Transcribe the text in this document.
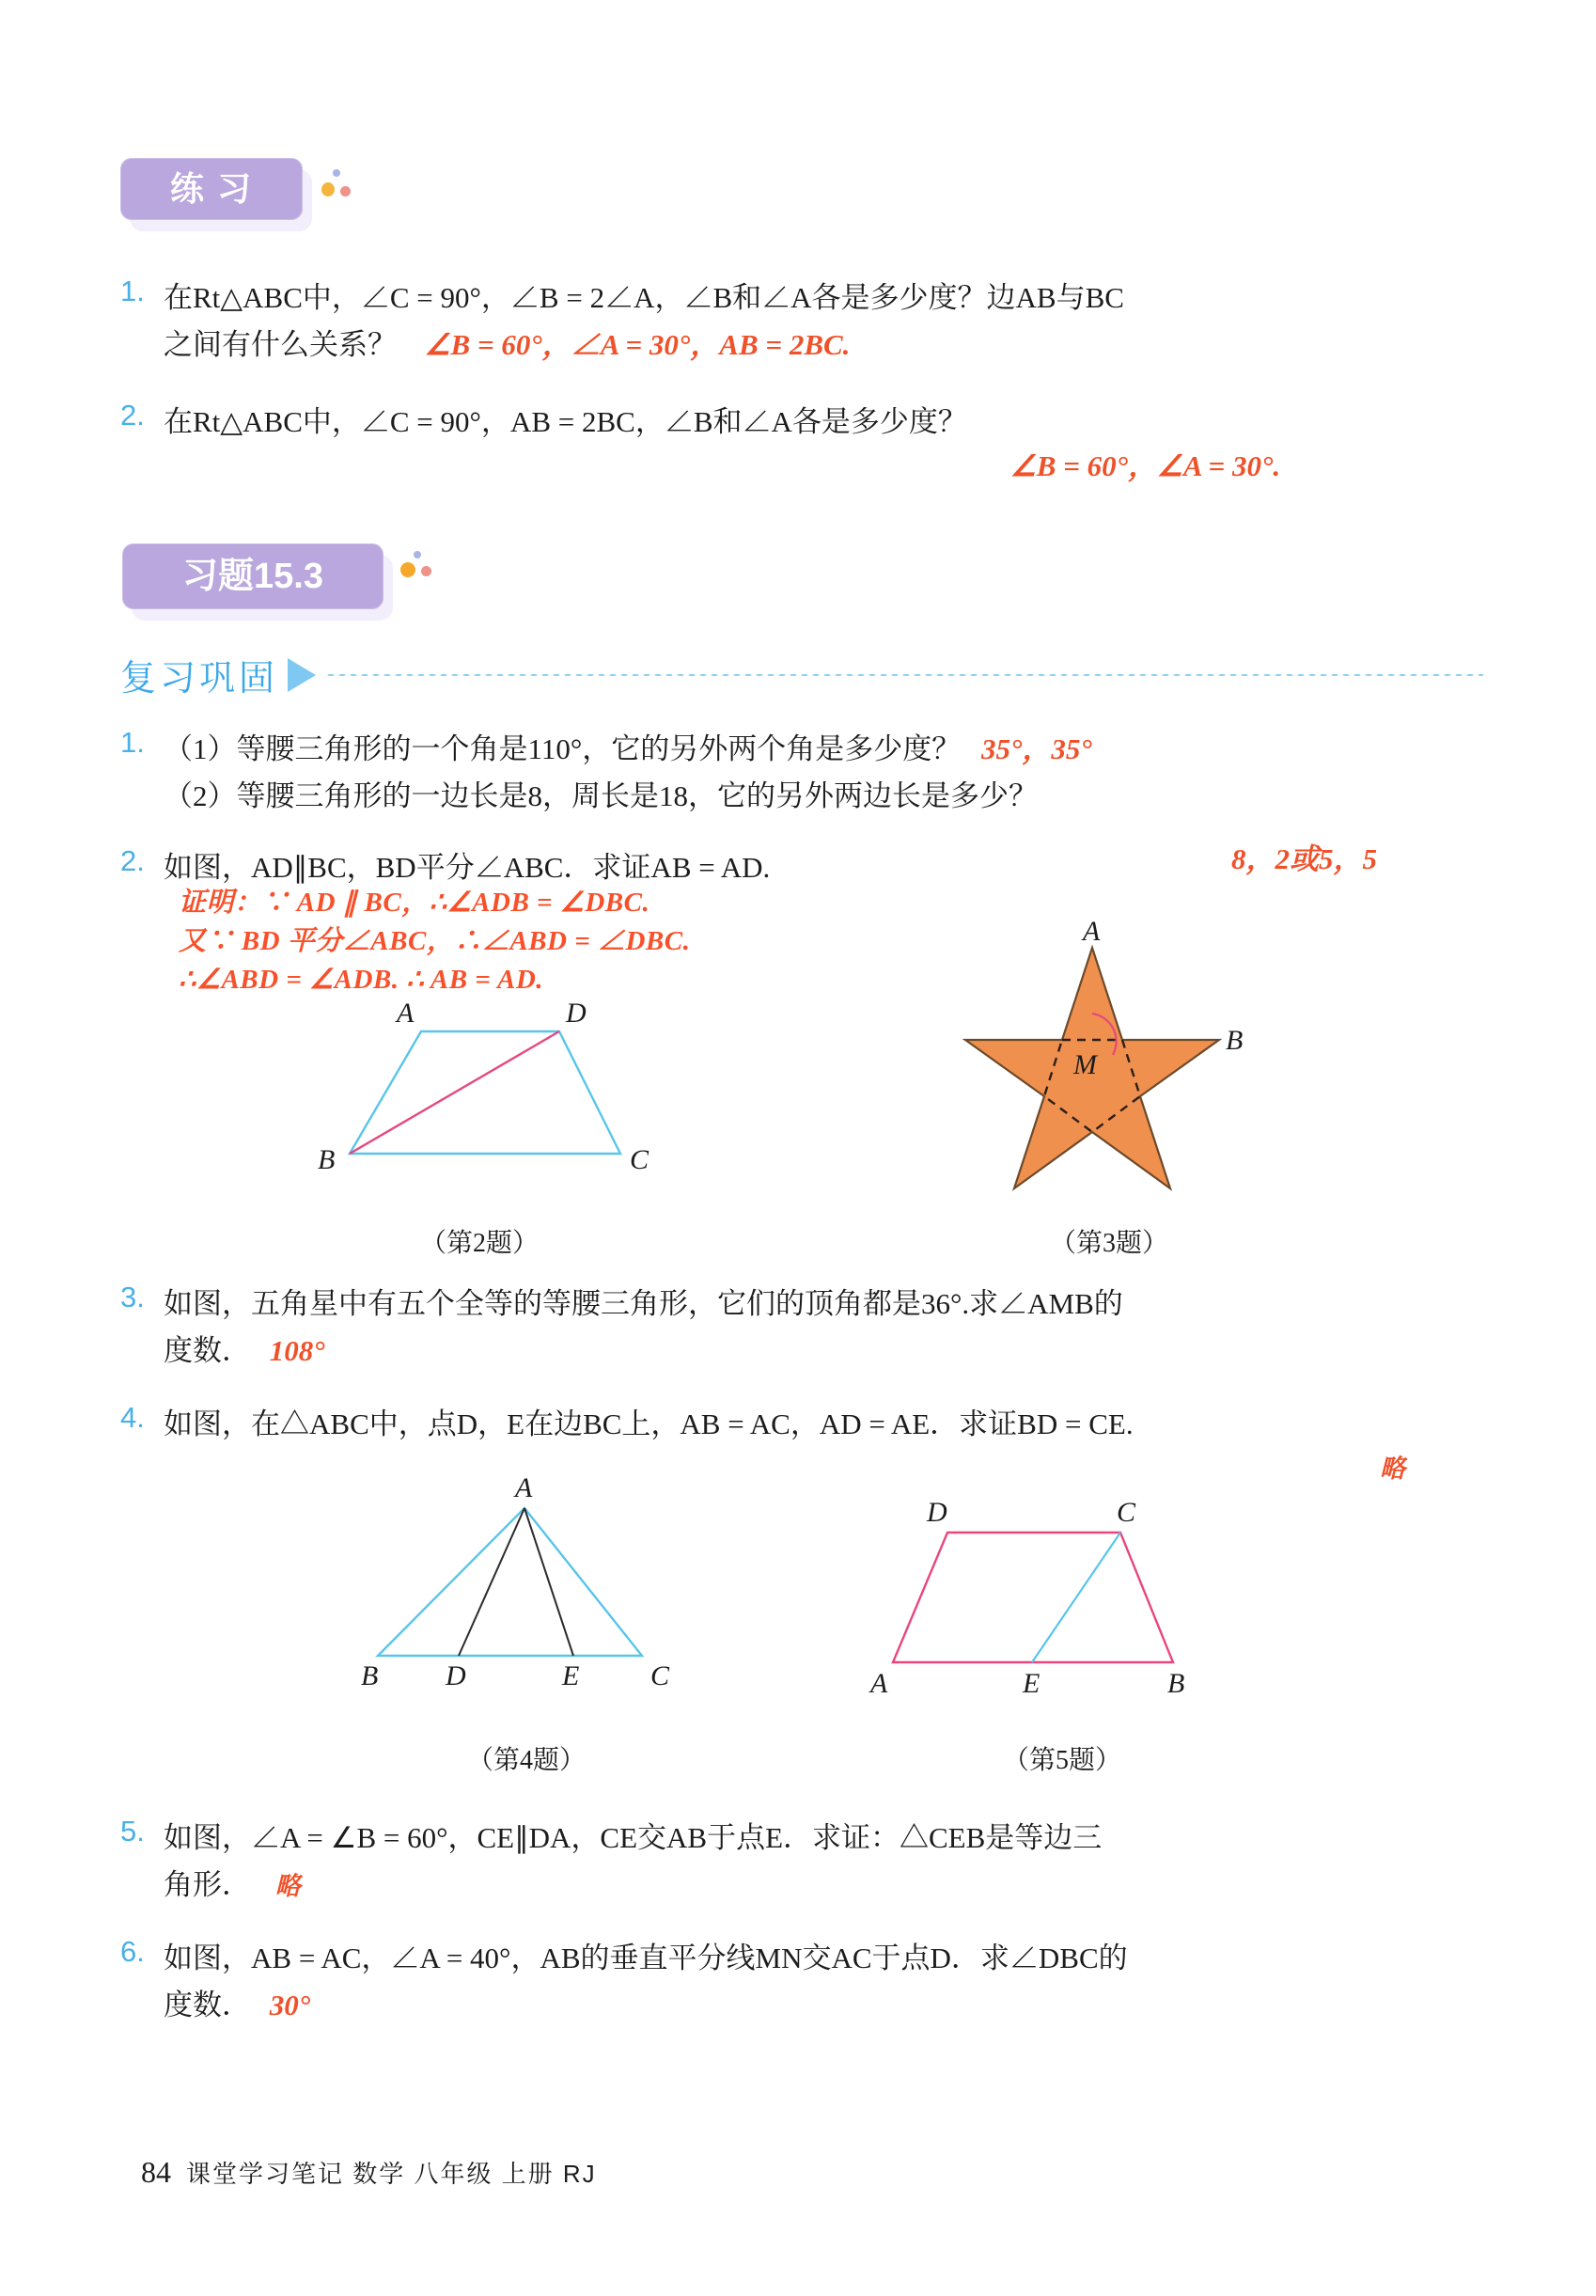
练 习
1. 在Rt△ABC中，∠C = 90°，∠B = 2∠A，∠B和∠A各是多少度？边AB与BC
之间有什么关系？ ∠B = 60°，∠A = 30°，AB = 2BC.
2. 在Rt△ABC中，∠C = 90°，AB = 2BC，∠B和∠A各是多少度？
∠B = 60°，∠A = 30°.
习题15.3
复习巩固
1. （1）等腰三角形的一个角是110°，它的另外两个角是多少度？ 35°，35°
（2）等腰三角形的一边长是8，周长是18，它的另外两边长是多少？
8，2或5，5
2. 如图，AD∥BC，BD平分∠ABC．求证AB = AD.
证明：∵ AD ∥ BC，∴∠ADB = ∠DBC.
又∵ BD 平分∠ABC，∴∠ABD = ∠DBC.
∴∠ABD = ∠ADB. ∴ AB = AD.
A	D
B	C
（第2题）
A
B
M
（第3题）
3. 如图，五角星中有五个全等的等腰三角形，它们的顶角都是36°.求∠AMB的
度数． 108°
4. 如图，在△ABC中，点D，E在边BC上，AB = AC，AD = AE．求证BD = CE.
略
A
B D	E	C
（第4题）
D	C
A	E	B
（第5题）
5. 如图，∠A = ∠B = 60°，CE∥DA，CE交AB于点E．求证：△CEB是等边三
角形． 略
6. 如图，AB = AC，∠A = 40°，AB的垂直平分线MN交AC于点D．求∠DBC的
度数． 30°
84 课堂学习笔记 数学 八年级 上册 RJ
